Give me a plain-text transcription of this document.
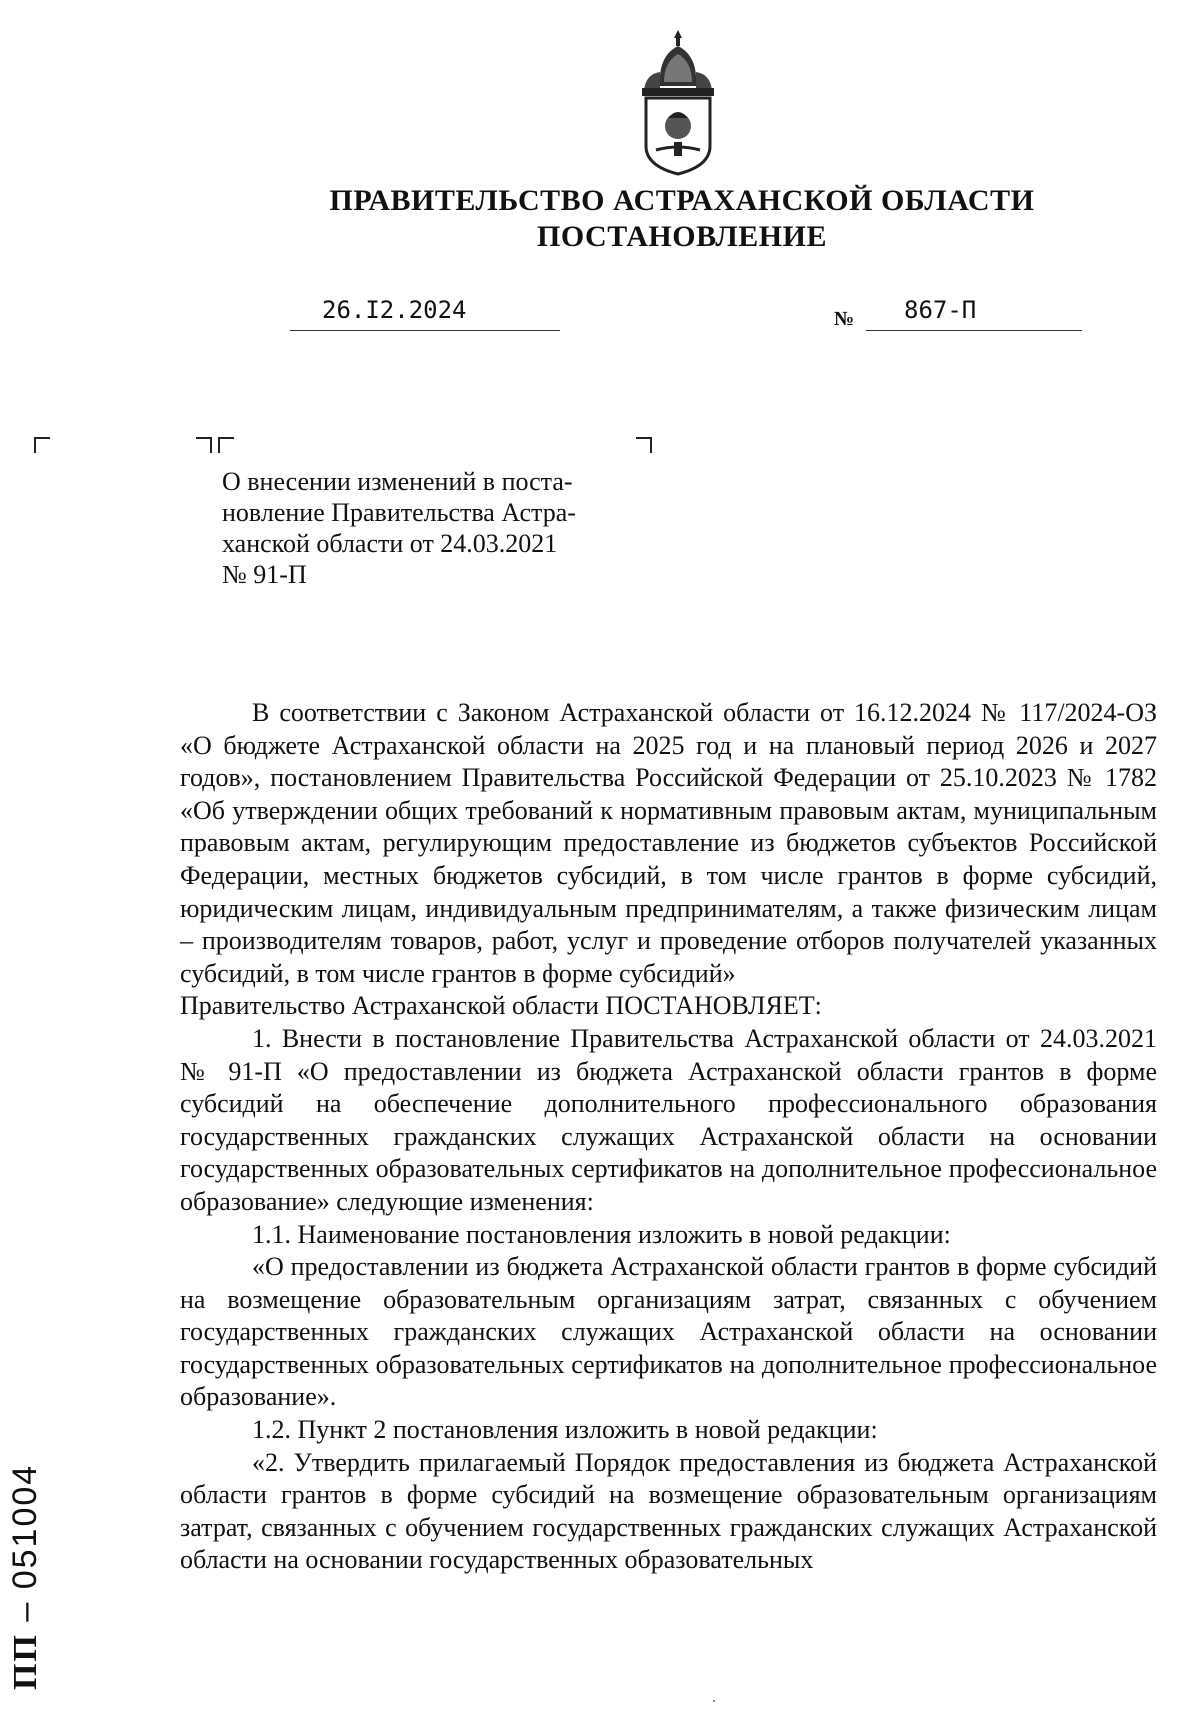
ПРАВИТЕЛЬСТВО АСТРАХАНСКОЙ ОБЛАСТИ
ПОСТАНОВЛЕНИЕ
26.I2.2024	№ 867-П
О внесении изменений в поста-
новление Правительства Астра-
ханской области от 24.03.2021
№ 91-П

В соответствии с Законом Астраханской области от 16.12.2024 № 117/2024-ОЗ «О бюджете Астраханской области на 2025 год и на плановый период 2026 и 2027 годов», постановлением Правительства Российской Федерации от 25.10.2023 № 1782 «Об утверждении общих требований к нормативным правовым актам, муниципальным правовым актам, регулирующим предоставление из бюджетов субъектов Российской Федерации, местных бюджетов субсидий, в том числе грантов в форме субсидий, юридическим лицам, индивидуальным предпринимателям, а также физическим лицам – производителям товаров, работ, услуг и проведение отборов получателей указанных субсидий, в том числе грантов в форме субсидий»

Правительство Астраханской области ПОСТАНОВЛЯЕТ:

1. Внести в постановление Правительства Астраханской области от 24.03.2021 № 91-П «О предоставлении из бюджета Астраханской области грантов в форме субсидий на обеспечение дополнительного профессионального образования государственных гражданских служащих Астраханской области на основании государственных образовательных сертификатов на дополнительное профессиональное образование» следующие изменения:

1.1. Наименование постановления изложить в новой редакции:

«О предоставлении из бюджета Астраханской области грантов в форме субсидий на возмещение образовательным организациям затрат, связанных с обучением государственных гражданских служащих Астраханской области на основании государственных образовательных сертификатов на дополнительное профессиональное образование».

1.2. Пункт 2 постановления изложить в новой редакции:

«2. Утвердить прилагаемый Порядок предоставления из бюджета Астраханской области грантов в форме субсидий на возмещение образовательным организациям затрат, связанных с обучением государственных гражданских служащих Астраханской области на основании государственных образовательных

ПП – 051004
